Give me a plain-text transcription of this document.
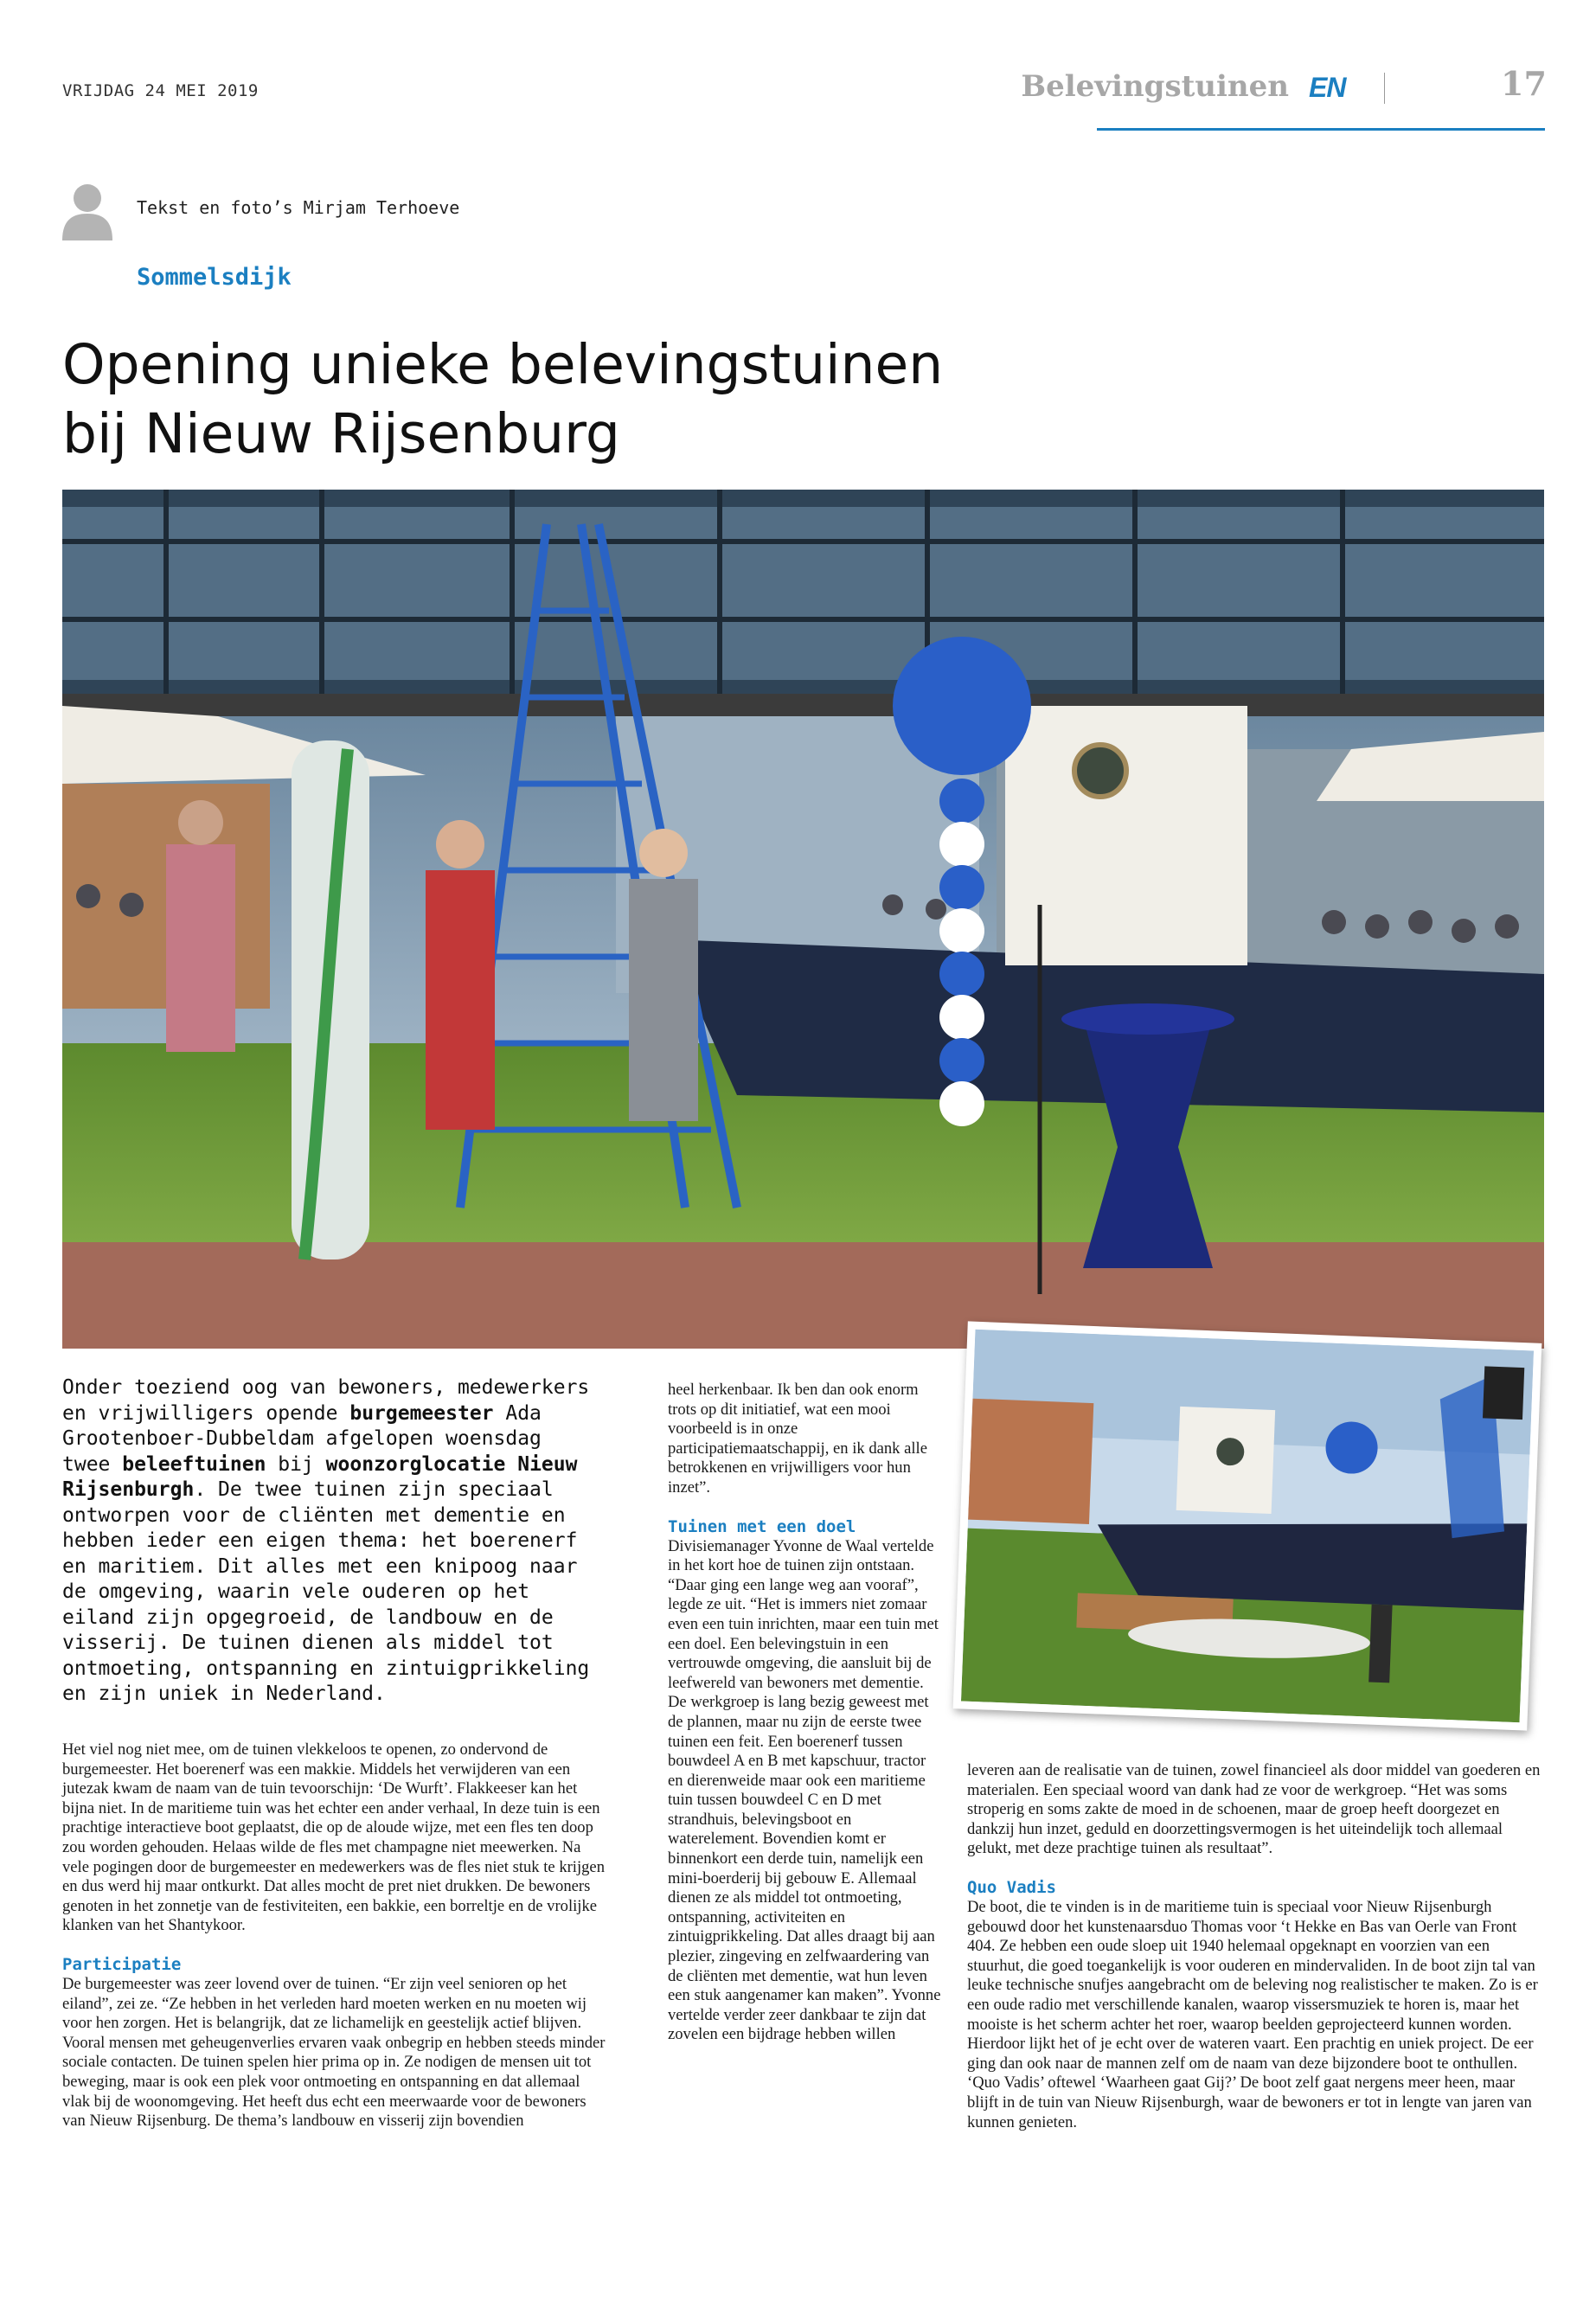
VRIJDAG 24 MEI 2019	Belevingstuinen EN	17
Tekst en foto’s Mirjam Terhoeve
Sommelsdijk
Opening unieke belevingstuinen
bij Nieuw Rijsenburg

Onder toeziend oog van bewoners, medewerkers en vrijwilligers opende burgemeester Ada Grootenboer-Dubbeldam afgelopen woensdag twee beleeftuinen bij woonzorglocatie Nieuw Rijsenburgh. De twee tuinen zijn speciaal ontworpen voor de cliënten met dementie en hebben ieder een eigen thema: het boerenerf en maritiem. Dit alles met een knipoog naar de omgeving, waarin vele ouderen op het eiland zijn opgegroeid, de landbouw en de visserij. De tuinen dienen als middel tot ontmoeting, ontspanning en zintuigprikkeling en zijn uniek in Nederland.

Het viel nog niet mee, om de tuinen vlekkeloos te openen, zo ondervond de burgemeester. Het boerenerf was een makkie. Middels het verwijderen van een jutezak kwam de naam van de tuin tevoorschijn: ‘De Wurft’. Flakkeeser kan het bijna niet. In de maritieme tuin was het echter een ander verhaal, In deze tuin is een prachtige interactieve boot geplaatst, die op de aloude wijze, met een fles ten doop zou worden gehouden. Helaas wilde de fles met champagne niet meewerken. Na vele pogingen door de burgemeester en medewerkers was de fles niet stuk te krijgen en dus werd hij maar ontkurkt. Dat alles mocht de pret niet drukken. De bewoners genoten in het zonnetje van de festiviteiten, een bakkie, een borreltje en de vrolijke klanken van het Shantykoor.

Participatie

De burgemeester was zeer lovend over de tuinen. “Er zijn veel senioren op het eiland”, zei ze. “Ze hebben in het verleden hard moeten werken en nu moeten wij voor hen zorgen. Het is belangrijk, dat ze lichamelijk en geestelijk actief blijven. Vooral mensen met geheugenverlies ervaren vaak onbegrip en hebben steeds minder sociale contacten. De tuinen spelen hier prima op in. Ze nodigen de mensen uit tot beweging, maar is ook een plek voor ontmoeting en ontspanning en dat allemaal vlak bij de woonomgeving. Het heeft dus echt een meerwaarde voor de bewoners van Nieuw Rijsenburg. De thema’s landbouw en visserij zijn bovendien

heel herkenbaar. Ik ben dan ook enorm trots op dit initiatief, wat een mooi voorbeeld is in onze participatiemaatschappij, en ik dank alle betrokkenen en vrijwilligers voor hun inzet”.

Tuinen met een doel

Divisiemanager Yvonne de Waal vertelde in het kort hoe de tuinen zijn ontstaan. “Daar ging een lange weg aan vooraf”, legde ze uit. “Het is immers niet zomaar even een tuin inrichten, maar een tuin met een doel. Een belevingstuin in een vertrouwde omgeving, die aansluit bij de leefwereld van bewoners met dementie. De werkgroep is lang bezig geweest met de plannen, maar nu zijn de eerste twee tuinen een feit. Een boerenerf tussen bouwdeel A en B met kapschuur, tractor en dierenweide maar ook een maritieme tuin tussen bouwdeel C en D met strandhuis, belevingsboot en waterelement. Bovendien komt er binnenkort een derde tuin, namelijk een mini-boerderij bij gebouw E. Allemaal dienen ze als middel tot ontmoeting, ontspanning, activiteiten en zintuigprikkeling. Dat alles draagt bij aan plezier, zingeving en zelfwaardering van de cliënten met dementie, wat hun leven een stuk aangenamer kan maken”. Yvonne vertelde verder zeer dankbaar te zijn dat zovelen een bijdrage hebben willen

leveren aan de realisatie van de tuinen, zowel financieel als door middel van goederen en materialen. Een speciaal woord van dank had ze voor de werkgroep. “Het was soms stroperig en soms zakte de moed in de schoenen, maar de groep heeft doorgezet en dankzij hun inzet, geduld en doorzettingsvermogen is het uiteindelijk toch allemaal gelukt, met deze prachtige tuinen als resultaat”.

Quo Vadis

De boot, die te vinden is in de maritieme tuin is speciaal voor Nieuw Rijsenburgh gebouwd door het kunstenaarsduo Thomas voor ‘t Hekke en Bas van Oerle van Front 404. Ze hebben een oude sloep uit 1940 helemaal opgeknapt en voorzien van een stuurhut, die goed toegankelijk is voor ouderen en mindervaliden. In de boot zijn tal van leuke technische snufjes aangebracht om de beleving nog realistischer te maken. Zo is er een oude radio met verschillende kanalen, waarop vissersmuziek te horen is, maar het mooiste is het scherm achter het roer, waarop beelden geprojecteerd kunnen worden. Hierdoor lijkt het of je echt over de wateren vaart. Een prachtig en uniek project. De eer ging dan ook naar de mannen zelf om de naam van deze bijzondere boot te onthullen. ‘Quo Vadis’ oftewel ‘Waarheen gaat Gij?’ De boot zelf gaat nergens meer heen, maar blijft in de tuin van Nieuw Rijsenburgh, waar de bewoners er tot in lengte van jaren van kunnen genieten.
